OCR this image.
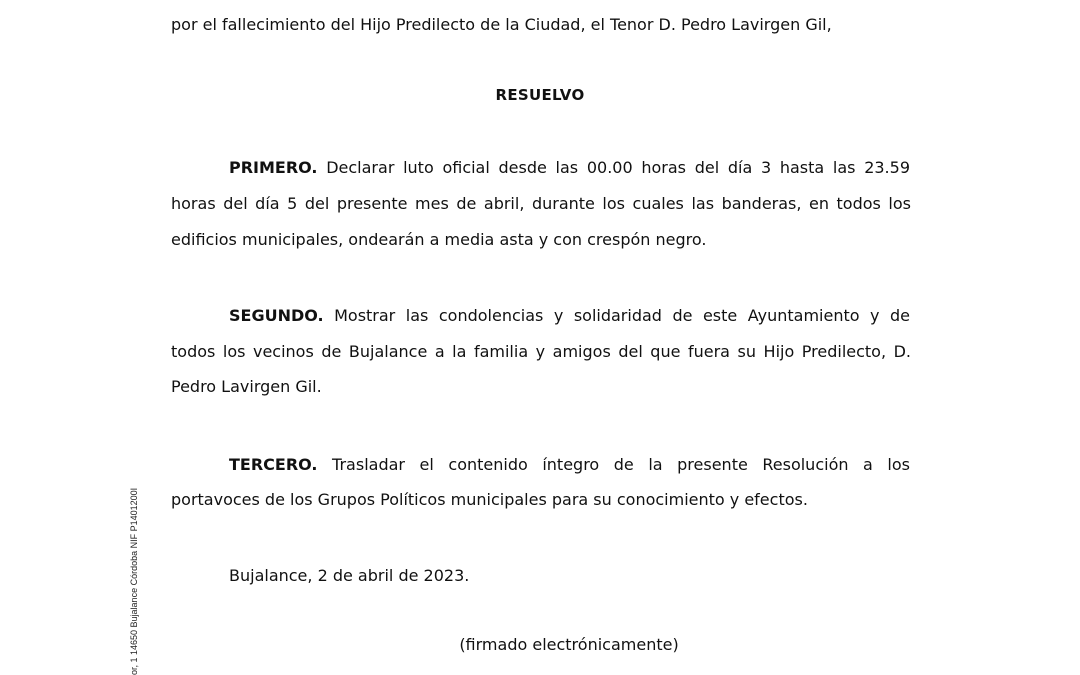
por el fallecimiento del Hijo Predilecto de la Ciudad, el Tenor D. Pedro Lavirgen Gil,
RESUELVO
PRIMERO. Declarar luto oficial desde las 00.00 horas del día 3 hasta las 23.59
horas del día 5 del presente mes de abril, durante los cuales las banderas, en todos los
edificios municipales, ondearán a media asta y con crespón negro.
SEGUNDO. Mostrar las condolencias y solidaridad de este Ayuntamiento y de
todos los vecinos de Bujalance a la familia y amigos del que fuera su Hijo Predilecto, D.
Pedro Lavirgen Gil.
TERCERO. Trasladar el contenido íntegro de la presente Resolución a los
portavoces de los Grupos Políticos municipales para su conocimiento y efectos.
Bujalance, 2 de abril de 2023.
(firmado electrónicamente)
or, 1 14650 Bujalance Córdoba NIF P1401200I
